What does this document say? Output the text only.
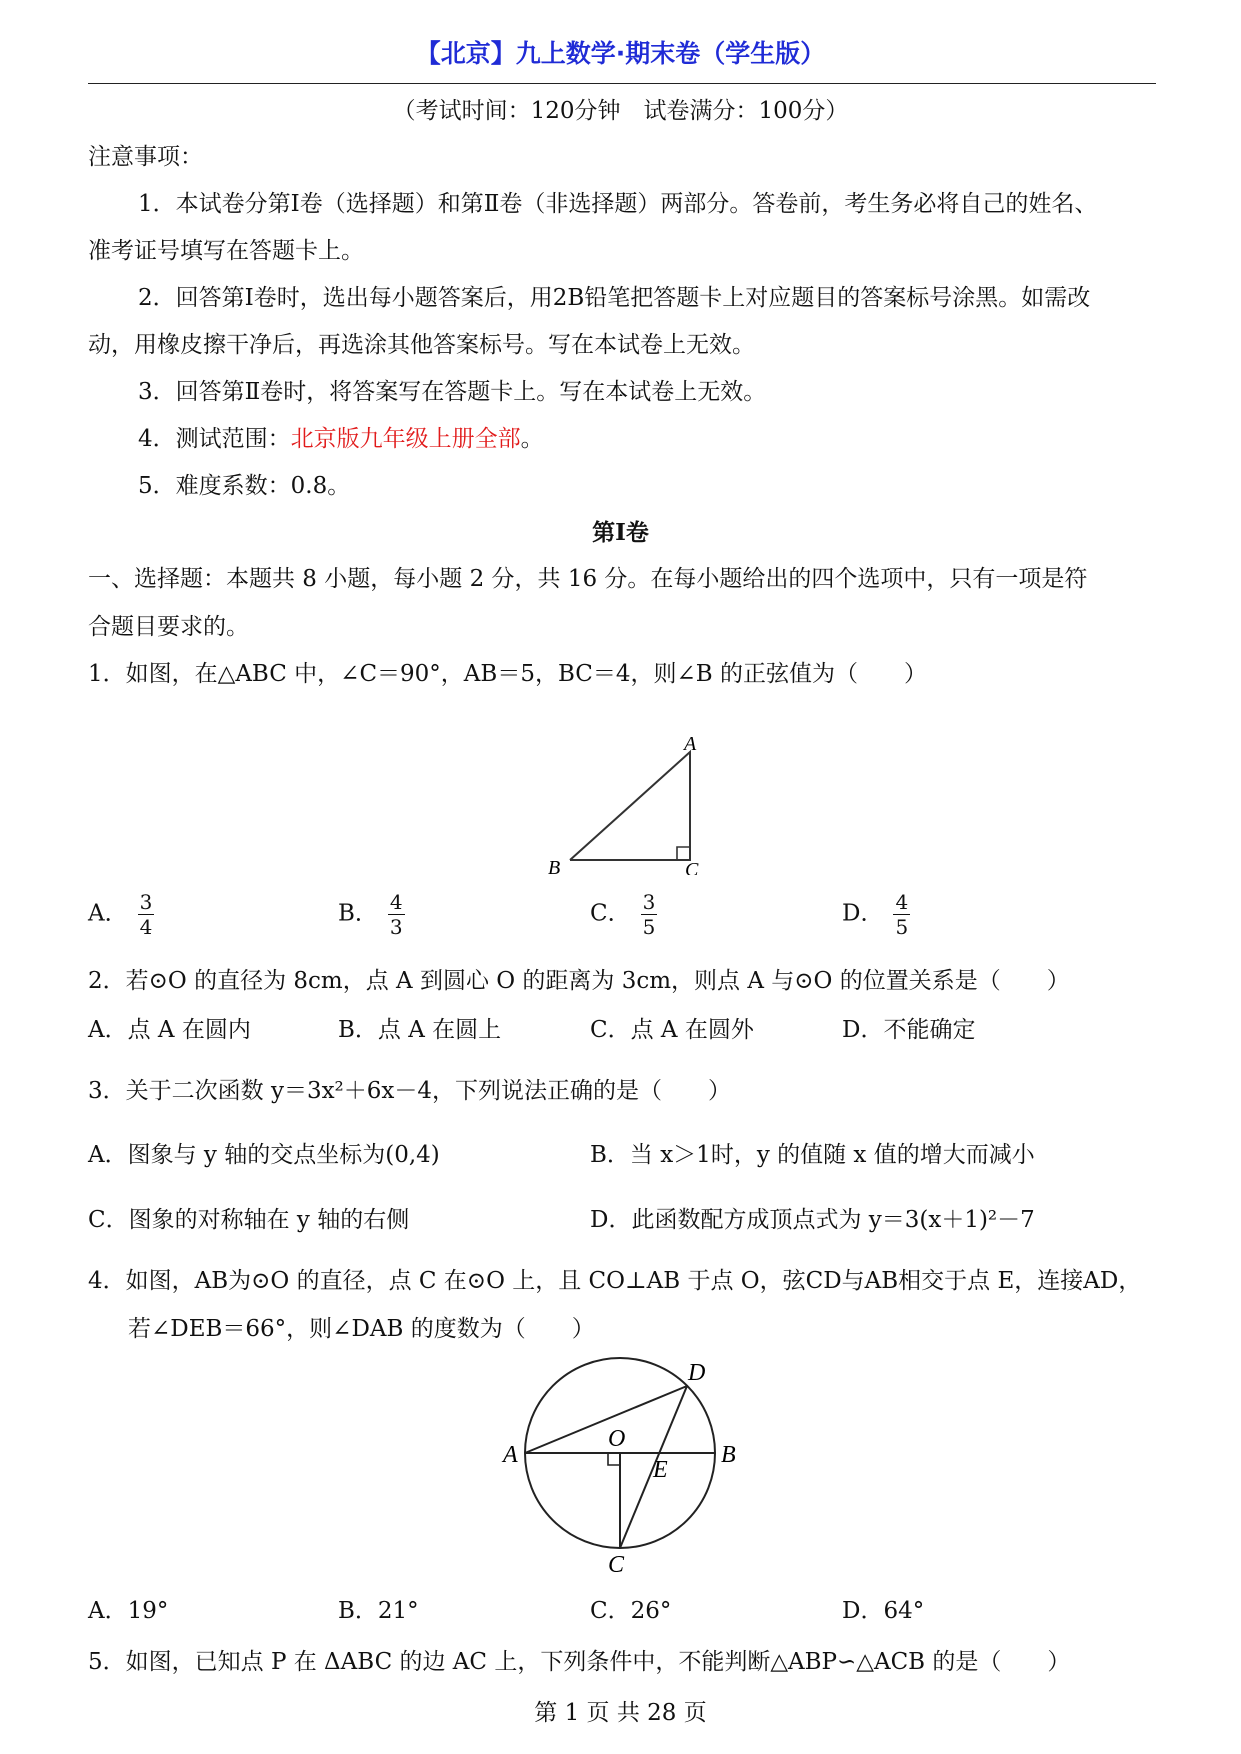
【北京】九上数学·期末卷（学生版）
（考试时间：120分钟　试卷满分：100分）
注意事项：
1．本试卷分第Ⅰ卷（选择题）和第Ⅱ卷（非选择题）两部分。答卷前，考生务必将自己的姓名、
准考证号填写在答题卡上。
2．回答第Ⅰ卷时，选出每小题答案后，用2B铅笔把答题卡上对应题目的答案标号涂黑。如需改
动，用橡皮擦干净后，再选涂其他答案标号。写在本试卷上无效。
3．回答第Ⅱ卷时，将答案写在答题卡上。写在本试卷上无效。
4．测试范围：北京版九年级上册全部。
5．难度系数：0.8。
第Ⅰ卷
一、选择题：本题共 8 小题，每小题 2 分，共 16 分。在每小题给出的四个选项中，只有一项是符
合题目要求的。
1．如图，在△ABC 中，∠C＝90°，AB＝5，BC＝4，则∠B 的正弦值为（　　）
A
B	C
A． $\frac{3}{4}$	B． $\frac{4}{3}$	C． $\frac{3}{5}$	D． $\frac{4}{5}$
2．若⊙O 的直径为 8cm，点 A 到圆心 O 的距离为 3cm，则点 A 与⊙O 的位置关系是（　　）
A．点 A 在圆内	B．点 A 在圆上	C．点 A 在圆外	D．不能确定
3．关于二次函数 y＝3x²＋6x－4，下列说法正确的是（　　）
A．图象与 y 轴的交点坐标为(0,4)	B．当 x＞1时，y 的值随 x 值的增大而减小
C．图象的对称轴在 y 轴的右侧	D．此函数配方成顶点式为 y＝3(x＋1)²－7
4．如图，AB为⊙O 的直径，点 C 在⊙O 上，且 CO⊥AB 于点 O，弦CD与AB相交于点 E，连接AD，
若∠DEB＝66°，则∠DAB 的度数为（　　）
D
A	B
O
E
C
A．19°	B．21°	C．26°	D．64°
5．如图，已知点 P 在 ΔABC 的边 AC 上，下列条件中，不能判断△ABP∽△ACB 的是（　　）
第 1 页 共 28 页
